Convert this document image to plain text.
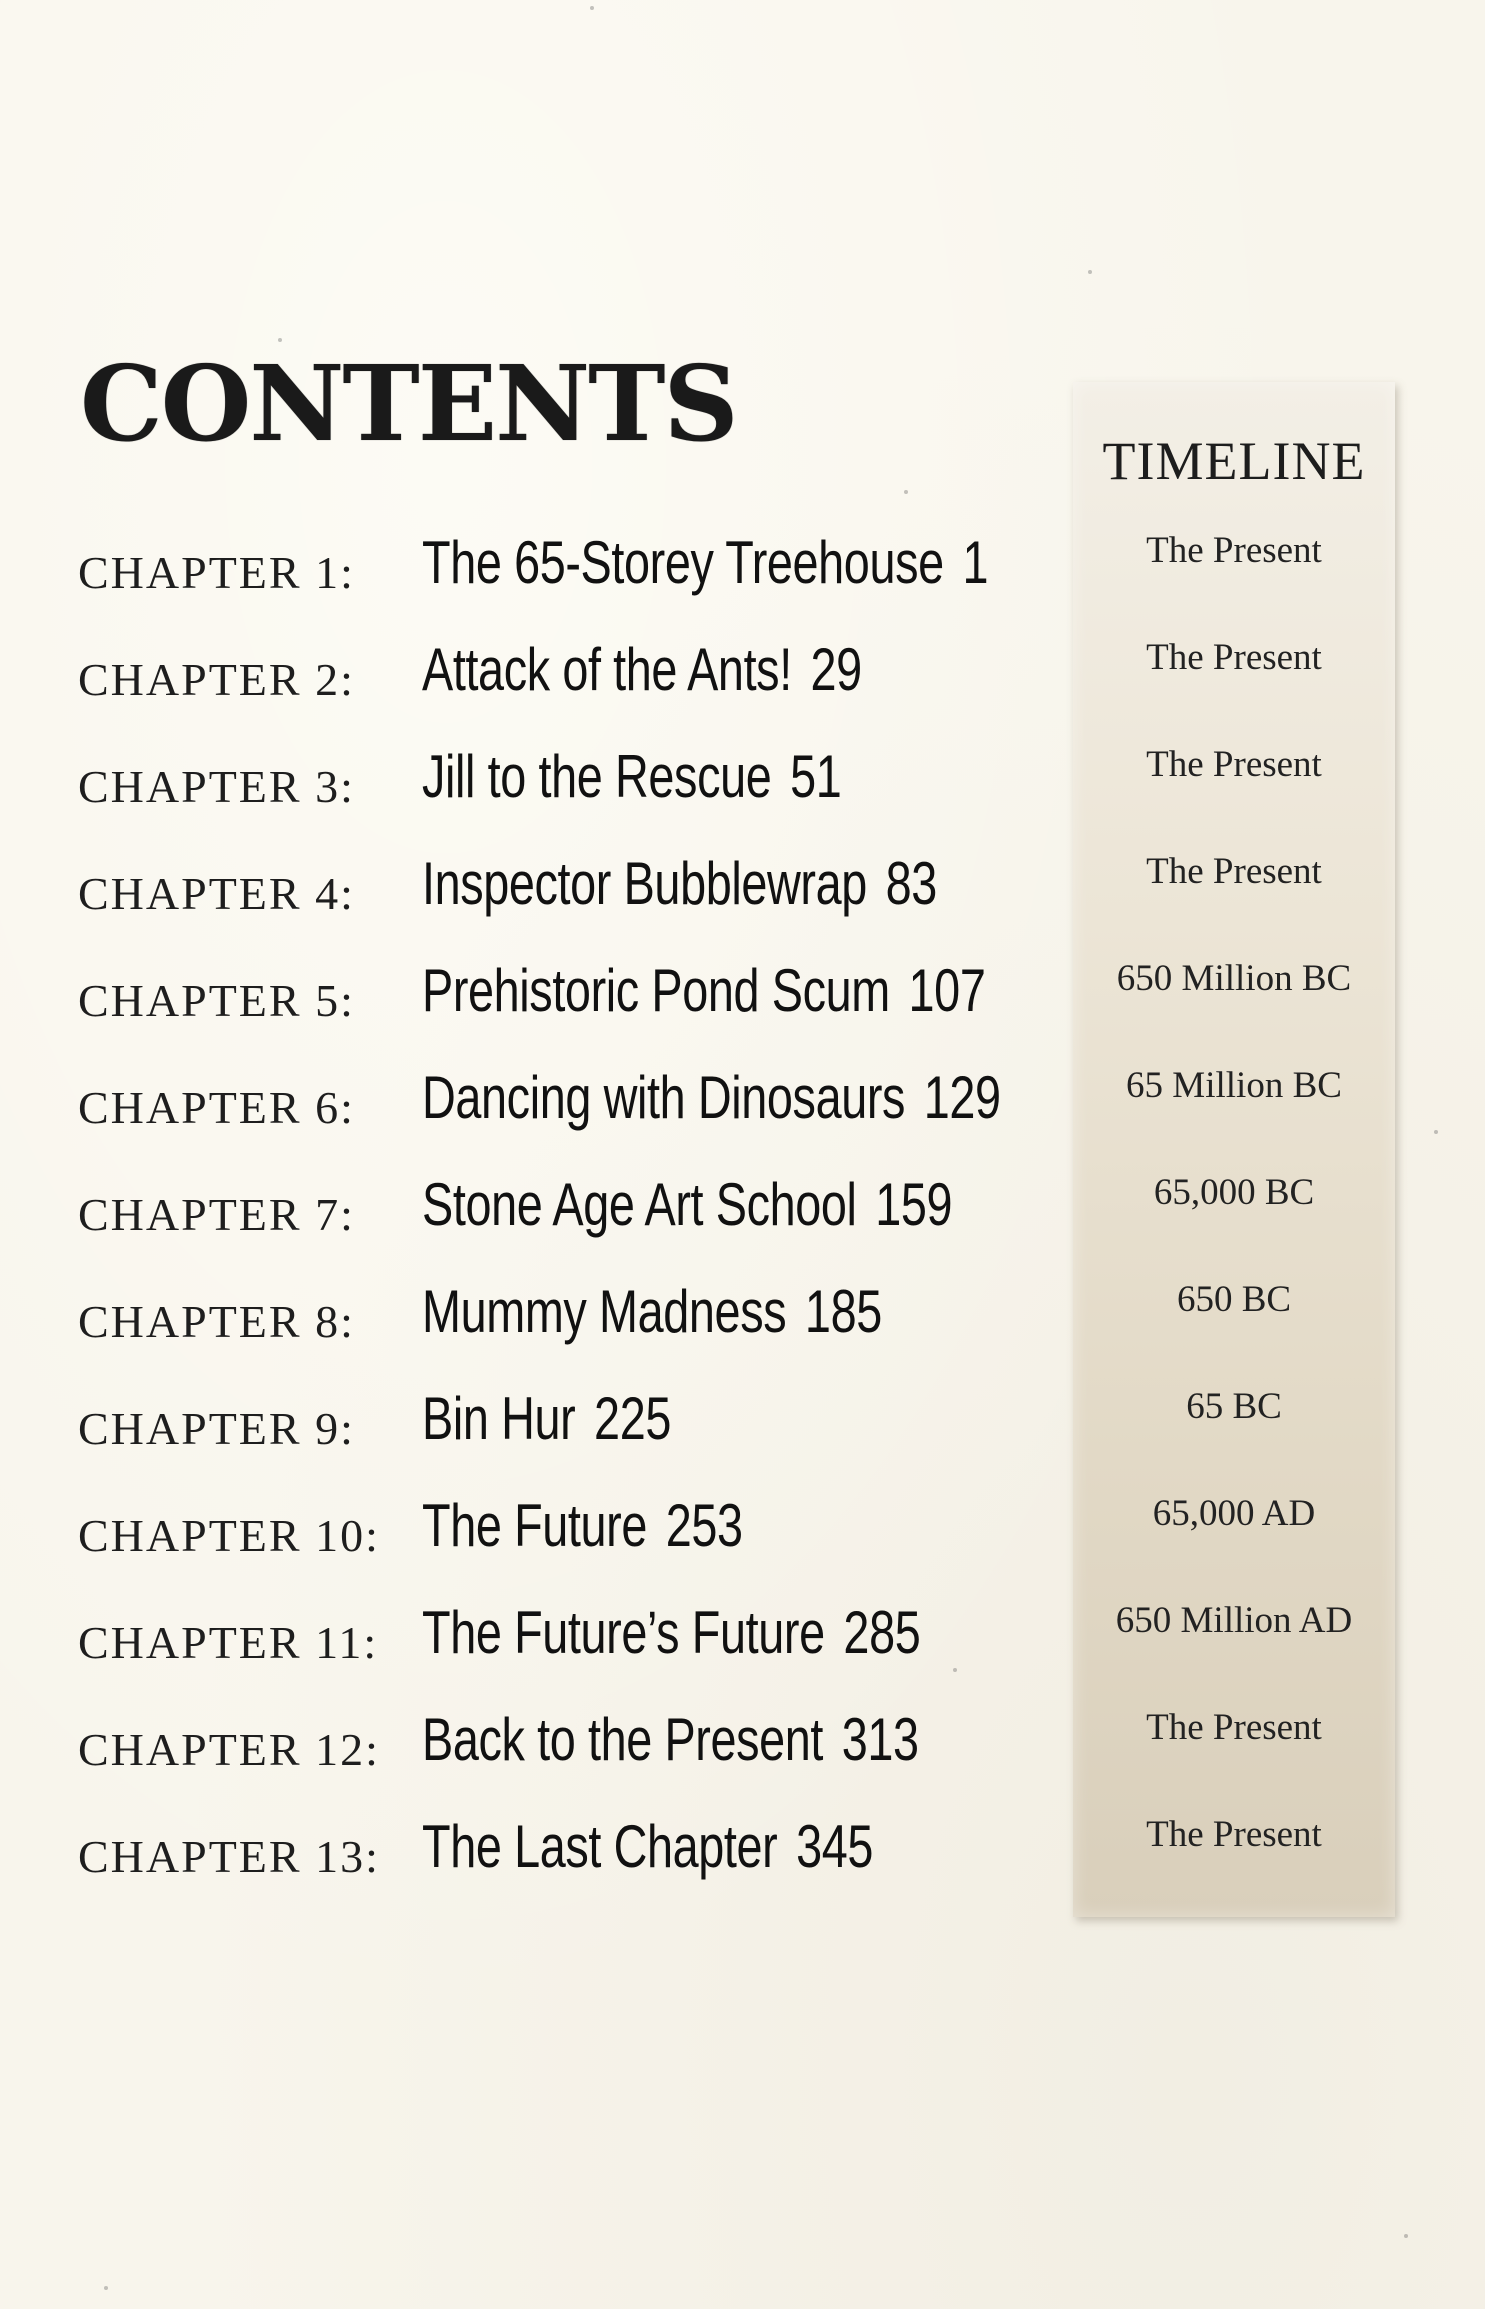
CONTENTS
CHAPTER 1: The 65-Storey Treehouse 1
CHAPTER 2: Attack of the Ants! 29
CHAPTER 3: Jill to the Rescue 51
CHAPTER 4: Inspector Bubblewrap 83
CHAPTER 5: Prehistoric Pond Scum 107
CHAPTER 6: Dancing with Dinosaurs 129
CHAPTER 7: Stone Age Art School 159
CHAPTER 8: Mummy Madness 185
CHAPTER 9: Bin Hur 225
CHAPTER 10: The Future 253
CHAPTER 11: The Future’s Future 285
CHAPTER 12: Back to the Present 313
CHAPTER 13: The Last Chapter 345
TIMELINE
The Present
The Present
The Present
The Present
650 Million BC
65 Million BC
65,000 BC
650 BC
65 BC
65,000 AD
650 Million AD
The Present
The Present
